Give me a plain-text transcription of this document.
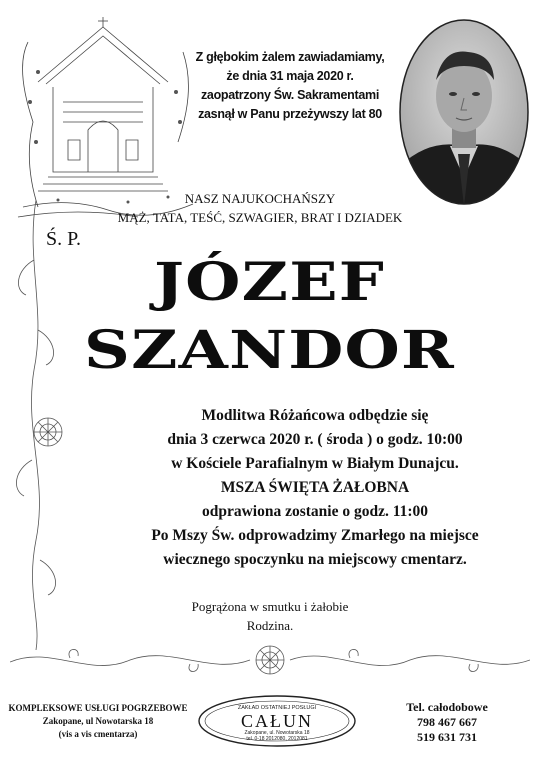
Z głębokim żalem zawiadamiamy,
że dnia 31 maja 2020 r.
zaopatrzony Św. Sakramentami
zasnął w Panu przeżywszy lat 80
NASZ NAJUKOCHAŃSZY
MĄŻ, TATA, TEŚĆ, SZWAGIER, BRAT I DZIADEK
Ś. P.
JÓZEF
SZANDOR
Modlitwa Różańcowa odbędzie się
dnia 3 czerwca 2020 r. ( środa ) o godz. 10:00
w Kościele Parafialnym w Białym Dunajcu.
MSZA ŚWIĘTA ŻAŁOBNA
odprawiona zostanie o godz. 11:00
Po Mszy Św. odprowadzimy Zmarłego na miejsce
wiecznego spoczynku na miejscowy cmentarz.
Pogrążona w smutku i żałobie
Rodzina.
KOMPLEKSOWE USŁUGI POGRZEBOWE
Zakopane, ul Nowotarska 18
(vis a vis cmentarza)
ZAKŁAD OSTATNIEJ POSŁUGI
CAŁUN
Zakopane, ul. Nowotarska 18
tel. 0-18 2012080, 2012081
Tel. całodobowe
798 467 667
519 631 731
